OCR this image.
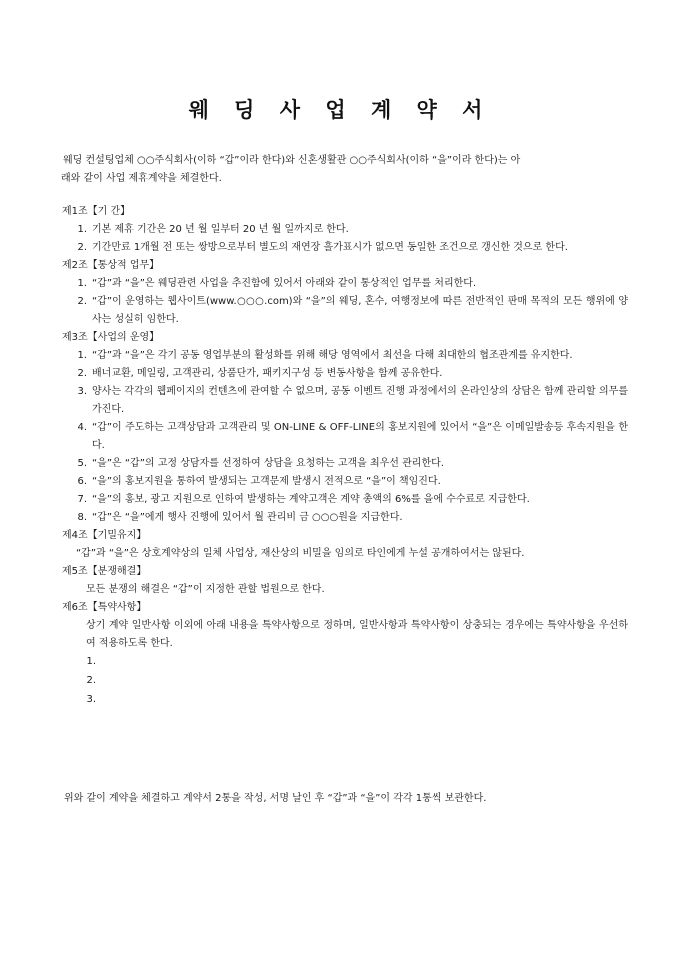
웨 딩 사 업 계 약 서
웨딩 컨설팅업체 ○○주식회사(이하 “갑”이라 한다)와 신혼생활관 ○○주식회사(이하 “을”이라 한다)는 아
래와 같이 사업 제휴계약을 체결한다.
제1조【기 간】
1. 기본 제휴 기간은 20 년 월 일부터 20 년 월 일까지로 한다.
2. 기간만료 1개월 전 또는 쌍방으로부터 별도의 재연장 흘가표시가 없으면 동일한 조건으로 갱신한 것으로 한다.
제2조【통상적 업무】
1. “갑”과 “을”은 웨딩관련 사업을 추진함에 있어서 아래와 같이 통상적인 업무를 처리한다.
2. “갑”이 운영하는 웹사이트(www.○○○.com)와 “을”의 웨딩, 혼수, 여행정보에 따른 전반적인 판매 목적의 모든 행위에 양사는 성실히 임한다.
제3조【사업의 운영】
1. “갑”과 “을”은 각기 공동 영업부분의 활성화를 위해 해당 영역에서 최선을 다해 최대한의 협조관계를 유지한다.
2. 배너교환, 메일링, 고객관리, 상품단가, 패키지구성 등 변동사항을 함께 공유한다.
3. 양사는 각각의 웹페이지의 컨텐츠에 관여할 수 없으며, 공동 이벤트 진행 과정에서의 온라인상의 상담은 함께 관리할 의무를 가진다.
4. “갑”이 주도하는 고객상담과 고객관리 및 ON-LINE & OFF-LINE의 홍보지원에 있어서 “을”은 이메일발송등 후속지원을 한다.
5. “을”은 “갑”의 고정 상담자를 선정하여 상담을 요청하는 고객을 최우선 관리한다.
6. “을”의 홍보지원을 통하여 발생되는 고객문제 발생시 전적으로 “을”이 책임진다.
7. “을”의 홍보, 광고 지원으로 인하여 발생하는 계약고객은 계약 총액의 6%를 을에 수수료로 지급한다.
8. “갑”은 “을”에게 행사 진행에 있어서 월 관리비 금 ○○○원을 지급한다.
제4조【기밀유지】
“갑”과 “을”은 상호계약상의 일체 사업상, 재산상의 비밀을 임의로 타인에게 누설 공개하여서는 않된다.
제5조【분쟁해결】
모든 분쟁의 해결은 “갑”이 지정한 관할 법원으로 한다.
제6조【특약사항】
상기 계약 일반사항 이외에 아래 내용을 특약사항으로 정하며, 일반사항과 특약사항이 상충되는 경우에는 특약사항을 우선하여 적용하도록 한다.
1.
2.
3.
위와 같이 계약을 체결하고 계약서 2통을 작성, 서명 날인 후 “갑”과 “을”이 각각 1통씩 보관한다.
